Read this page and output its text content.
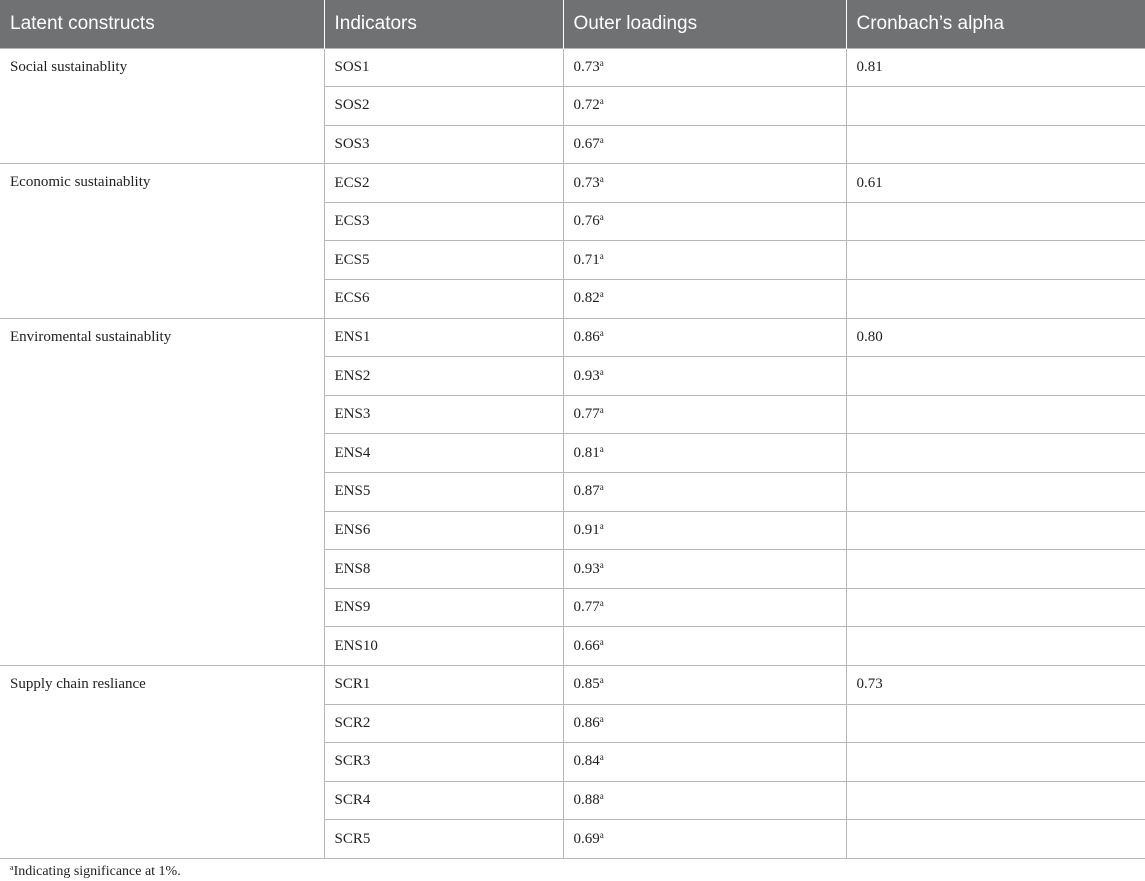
Latent constructs	Indicators	Outer loadings	Cronbach’s alpha
Social sustainablity	SOS1	0.73$^a$	0.81
	SOS2	0.72$^a$	
	SOS3	0.67$^a$	
Economic sustainablity	ECS2	0.73$^a$	0.61
	ECS3	0.76$^a$	
	ECS5	0.71$^a$	
	ECS6	0.82$^a$	
Enviromental sustainablity	ENS1	0.86$^a$	0.80
	ENS2	0.93$^a$	
	ENS3	0.77$^a$	
	ENS4	0.81$^a$	
	ENS5	0.87$^a$	
	ENS6	0.91$^a$	
	ENS8	0.93$^a$	
	ENS9	0.77$^a$	
	ENS10	0.66$^a$	
Supply chain resliance	SCR1	0.85$^a$	0.73
	SCR2	0.86$^a$	
	SCR3	0.84$^a$	
	SCR4	0.88$^a$	
	SCR5	0.69$^a$	
$^a$Indicating significance at 1%.
